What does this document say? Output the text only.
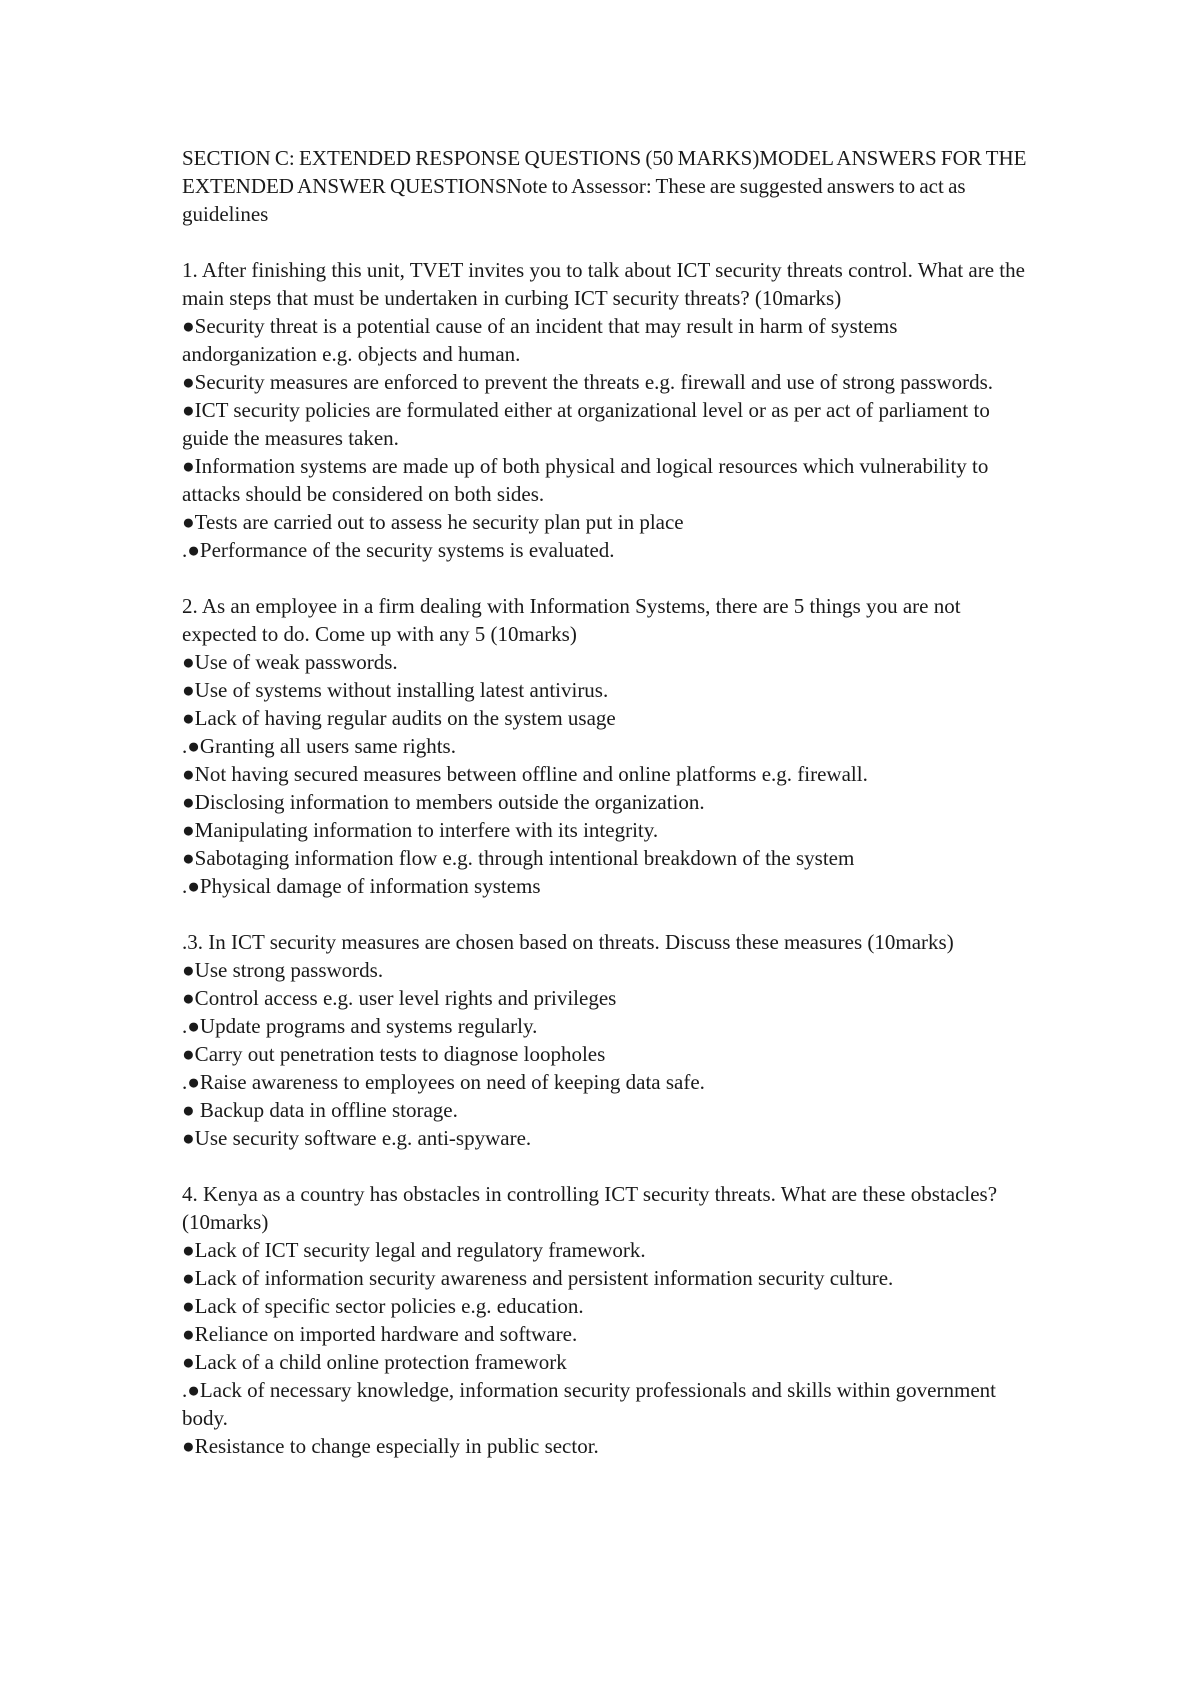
SECTION C: EXTENDED RESPONSE QUESTIONS (50 MARKS)MODEL ANSWERS FOR THE EXTENDED ANSWER QUESTIONSNote to Assessor: These are suggested answers to act as guidelines

1. After finishing this unit, TVET invites you to talk about ICT security threats control. What are the main steps that must be undertaken in curbing ICT security threats? (10marks)

●Security threat is a potential cause of an incident that may result in harm of systems andorganization e.g. objects and human.
●Security measures are enforced to prevent the threats e.g. firewall and use of strong passwords.
●ICT security policies are formulated either at organizational level or as per act of parliament to guide the measures taken.
●Information systems are made up of both physical and logical resources which vulnerability to attacks should be considered on both sides.
●Tests are carried out to assess he security plan put in place
.●Performance of the security systems is evaluated.

2. As an employee in a firm dealing with Information Systems, there are 5 things you are not expected to do. Come up with any 5 (10marks)

●Use of weak passwords.
●Use of systems without installing latest antivirus.
●Lack of having regular audits on the system usage
.●Granting all users same rights.
●Not having secured measures between offline and online platforms e.g. firewall.
●Disclosing information to members outside the organization.
●Manipulating information to interfere with its integrity.
●Sabotaging information flow e.g. through intentional breakdown of the system
.●Physical damage of information systems

.3. In ICT security measures are chosen based on threats. Discuss these measures (10marks)

●Use strong passwords.
●Control access e.g. user level rights and privileges
.●Update programs and systems regularly.
●Carry out penetration tests to diagnose loopholes
.●Raise awareness to employees on need of keeping data safe.
● Backup data in offline storage.
●Use security software e.g. anti-spyware.

4. Kenya as a country has obstacles in controlling ICT security threats. What are these obstacles? (10marks)

●Lack of ICT security legal and regulatory framework.
●Lack of information security awareness and persistent information security culture.
●Lack of specific sector policies e.g. education.
●Reliance on imported hardware and software.
●Lack of a child online protection framework
.●Lack of necessary knowledge, information security professionals and skills within government body.
●Resistance to change especially in public sector.
